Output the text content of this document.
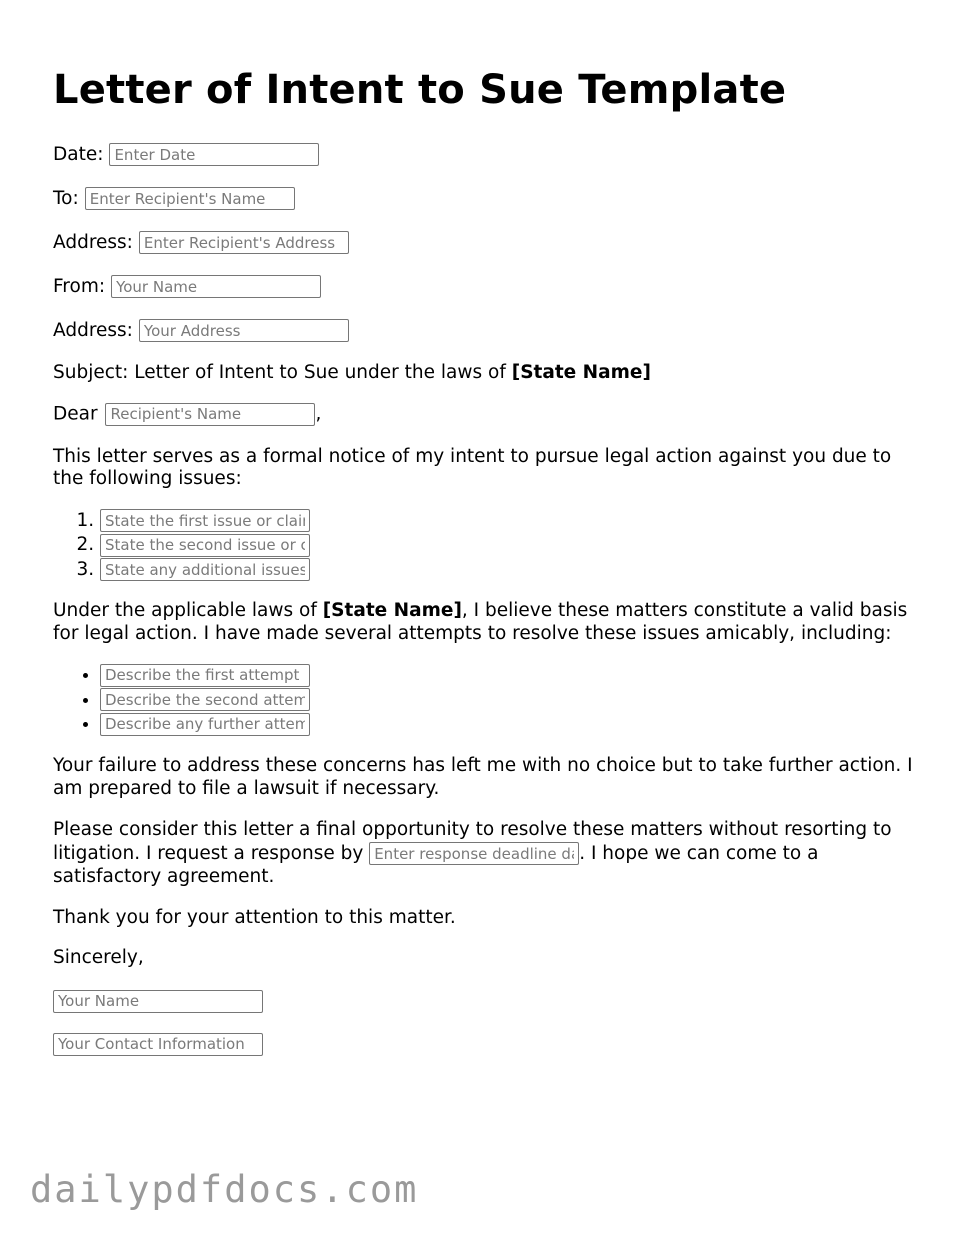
Letter of Intent to Sue Template
Date:
Enter Date
To:
Enter Recipient's Name
Address:
Enter Recipient's Address
From:
Your Name
Address:
Your Address

Subject: Letter of Intent to Sue under the laws of [State Name]

Dear Recipient's Name	,

This letter serves as a formal notice of my intent to pursue legal action against you due to the following issues:

1. State the first issue or claim
2. State the second issue or claim
3. State any additional issues

Under the applicable laws of [State Name], I believe these matters constitute a valid basis for legal action. I have made several attempts to resolve these issues amicably, including:

• Describe the first attempt
• Describe the second attempt
• Describe any further attempts

Your failure to address these concerns has left me with no choice but to take further action. I am prepared to file a lawsuit if necessary.

Please consider this letter a final opportunity to resolve these matters without resorting to litigation. I request a response by Enter response deadline date	. I hope we can come to a satisfactory agreement.

Thank you for your attention to this matter.

Sincerely,

Your Name
Your Contact Information
dailypdfdocs.com
